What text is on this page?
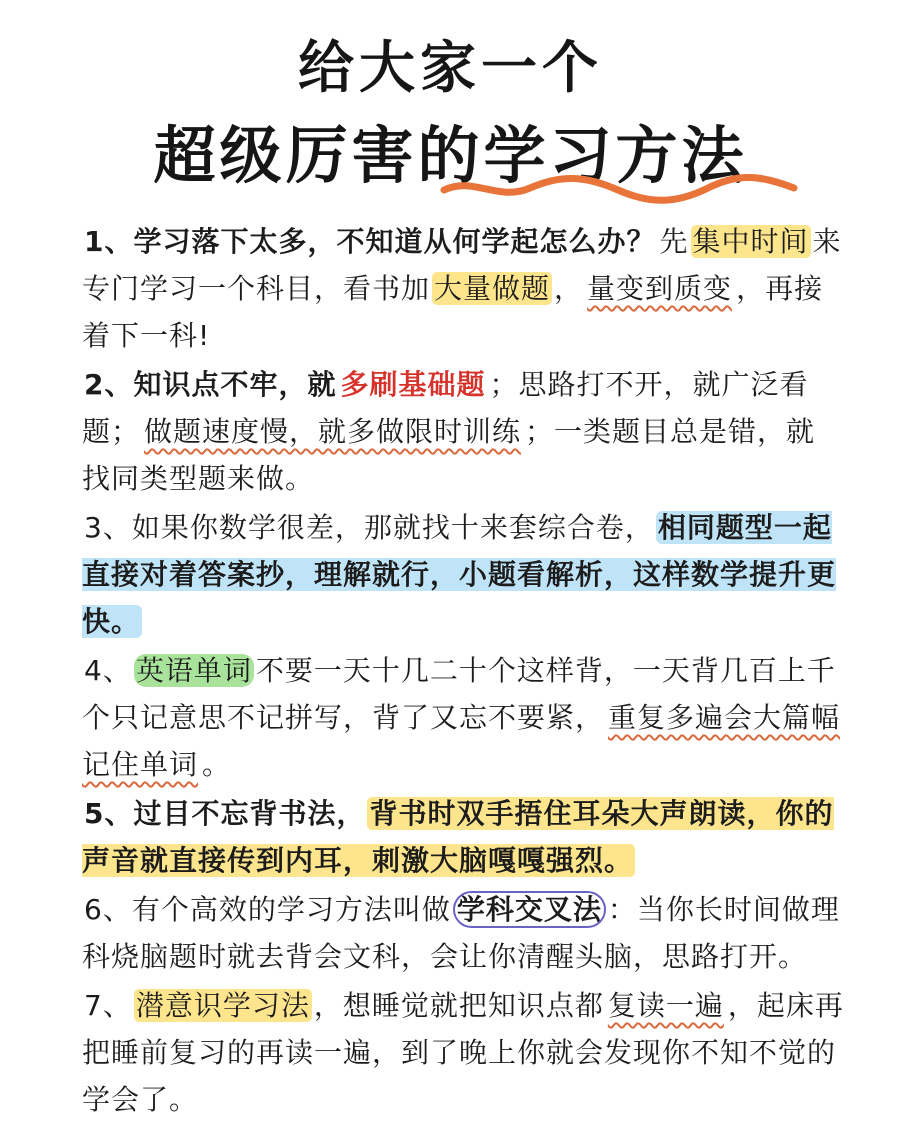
给大家一个
超级厉害的学习方法

1、学习落下太多，不知道从何学起怎么办？ 先 集中时间 来专门学习一个科目，看书加 大量做题 ， 量变到质变 ，再接着下一科!

2、知识点不牢，就 多刷基础题 ；思路打不开，就广泛看题； 做题速度慢，就多做限时训练 ；一类题目总是错，就找同类型题来做。

3、如果你数学很差，那就找十来套综合卷， 相同题型一起直接对着答案抄，理解就行，小题看解析，这样数学提升更快。

4、 英语单词 不要一天十几二十个这样背，一天背几百上千个只记意思不记拼写，背了又忘不要紧， 重复多遍会大篇幅记住单词 。

5、过目不忘背书法， 背书时双手捂住耳朵大声朗读，你的声音就直接传到内耳，刺激大脑嘎嘎强烈。

6、有个高效的学习方法叫做 学科交叉法 ：当你长时间做理科烧脑题时就去背会文科，会让你清醒头脑，思路打开。

7、 潜意识学习法 ，想睡觉就把知识点都 复读一遍 ，起床再把睡前复习的再读一遍，到了晚上你就会发现你不知不觉的学会了。
